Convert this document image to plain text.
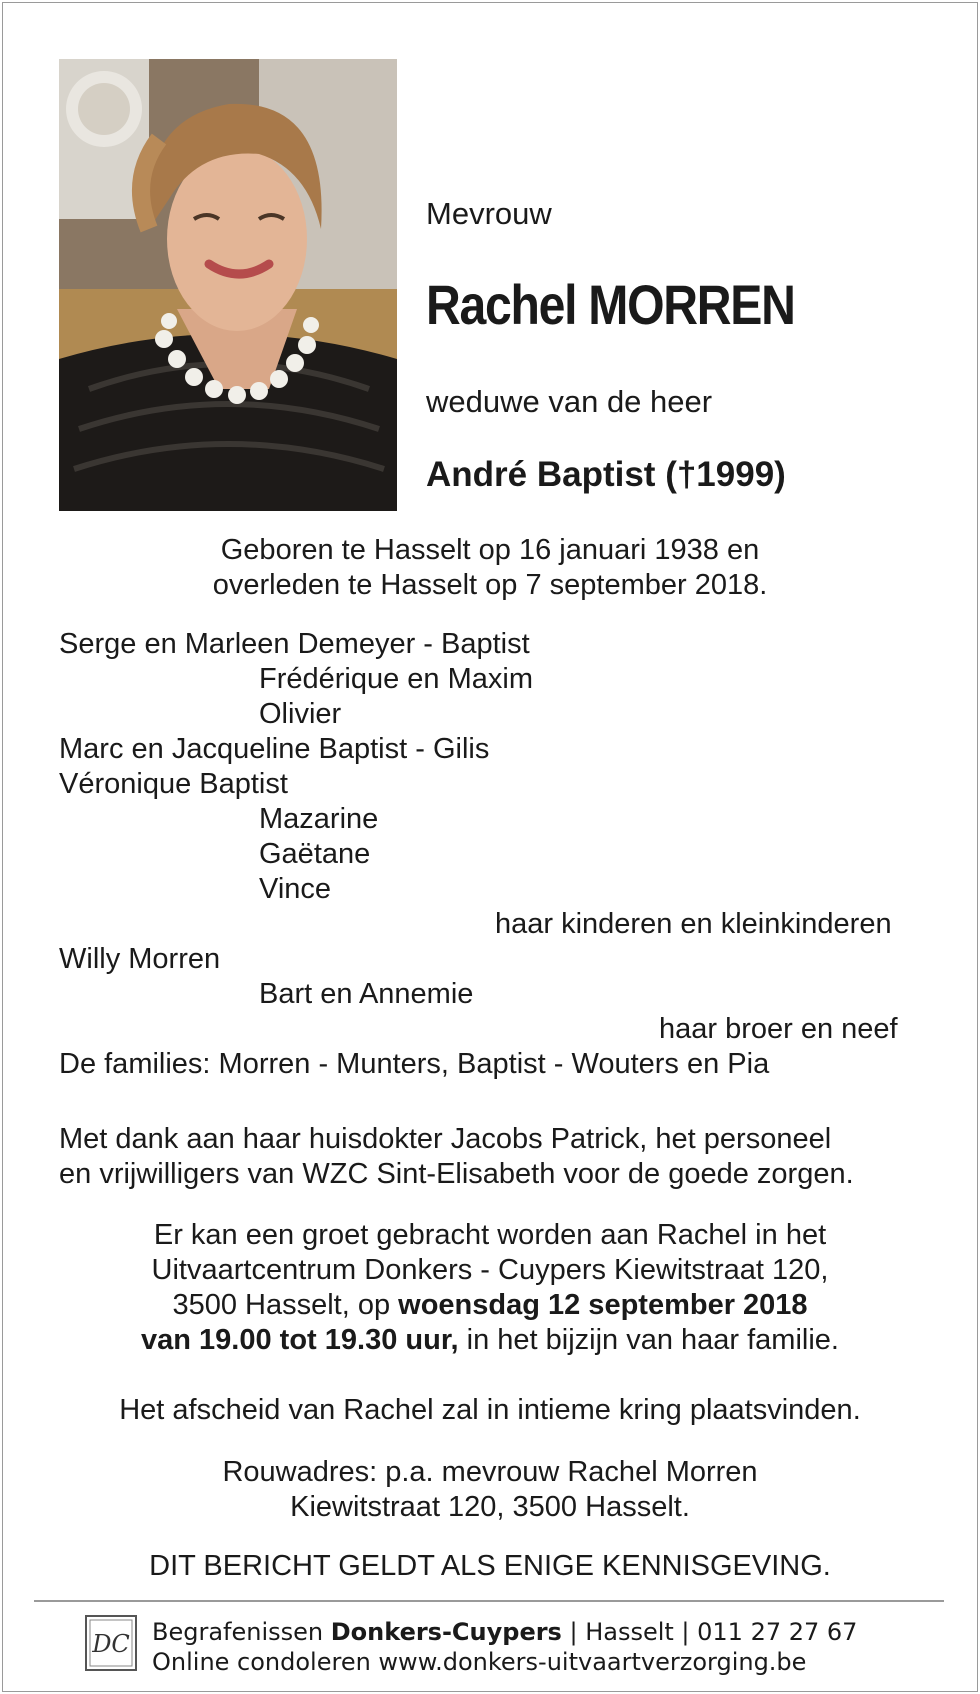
Mevrouw
Rachel MORREN
weduwe van de heer
André Baptist (†1999)
Geboren te Hasselt op 16 januari 1938 en
overleden te Hasselt op 7 september 2018.
Serge en Marleen Demeyer - Baptist
Frédérique en Maxim
Olivier
Marc en Jacqueline Baptist - Gilis
Véronique Baptist
Mazarine
Gaëtane
Vince
haar kinderen en kleinkinderen
Willy Morren
Bart en Annemie
haar broer en neef
De families: Morren - Munters, Baptist - Wouters en Pia
Met dank aan haar huisdokter Jacobs Patrick, het personeel
en vrijwilligers van WZC Sint-Elisabeth voor de goede zorgen.
Er kan een groet gebracht worden aan Rachel in het
Uitvaartcentrum Donkers - Cuypers Kiewitstraat 120,
3500 Hasselt, op woensdag 12 september 2018
van 19.00 tot 19.30 uur, in het bijzijn van haar familie.
Het afscheid van Rachel zal in intieme kring plaatsvinden.
Rouwadres: p.a. mevrouw Rachel Morren
Kiewitstraat 120, 3500 Hasselt.
DIT BERICHT GELDT ALS ENIGE KENNISGEVING.
DC Begrafenissen Donkers-Cuypers | Hasselt | 011 27 27 67
Online condoleren www.donkers-uitvaartverzorging.be
